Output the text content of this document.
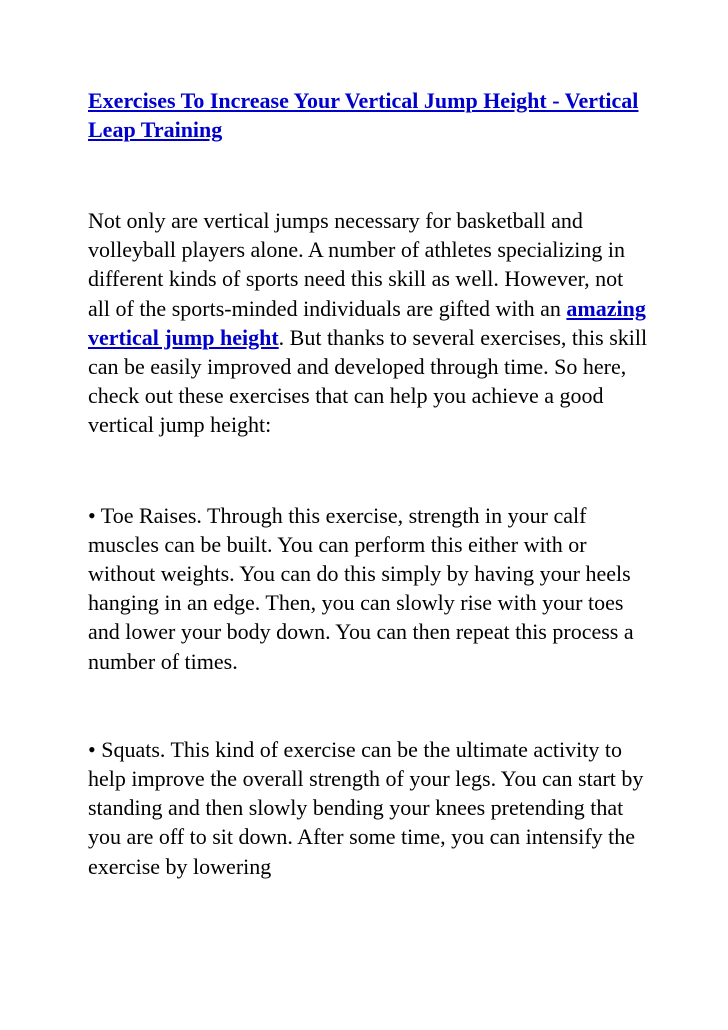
Exercises To Increase Your Vertical Jump Height - Vertical Leap Training

Not only are vertical jumps necessary for basketball and volleyball players alone. A number of athletes specializing in different kinds of sports need this skill as well. However, not all of the sports-minded individuals are gifted with an amazing vertical jump height. But thanks to several exercises, this skill can be easily improved and developed through time. So here, check out these exercises that can help you achieve a good vertical jump height:

• Toe Raises. Through this exercise, strength in your calf muscles can be built. You can perform this either with or without weights. You can do this simply by having your heels hanging in an edge. Then, you can slowly rise with your toes and lower your body down. You can then repeat this process a number of times.

• Squats. This kind of exercise can be the ultimate activity to help improve the overall strength of your legs. You can start by standing and then slowly bending your knees pretending that you are off to sit down. After some time, you can intensify the exercise by lowering
